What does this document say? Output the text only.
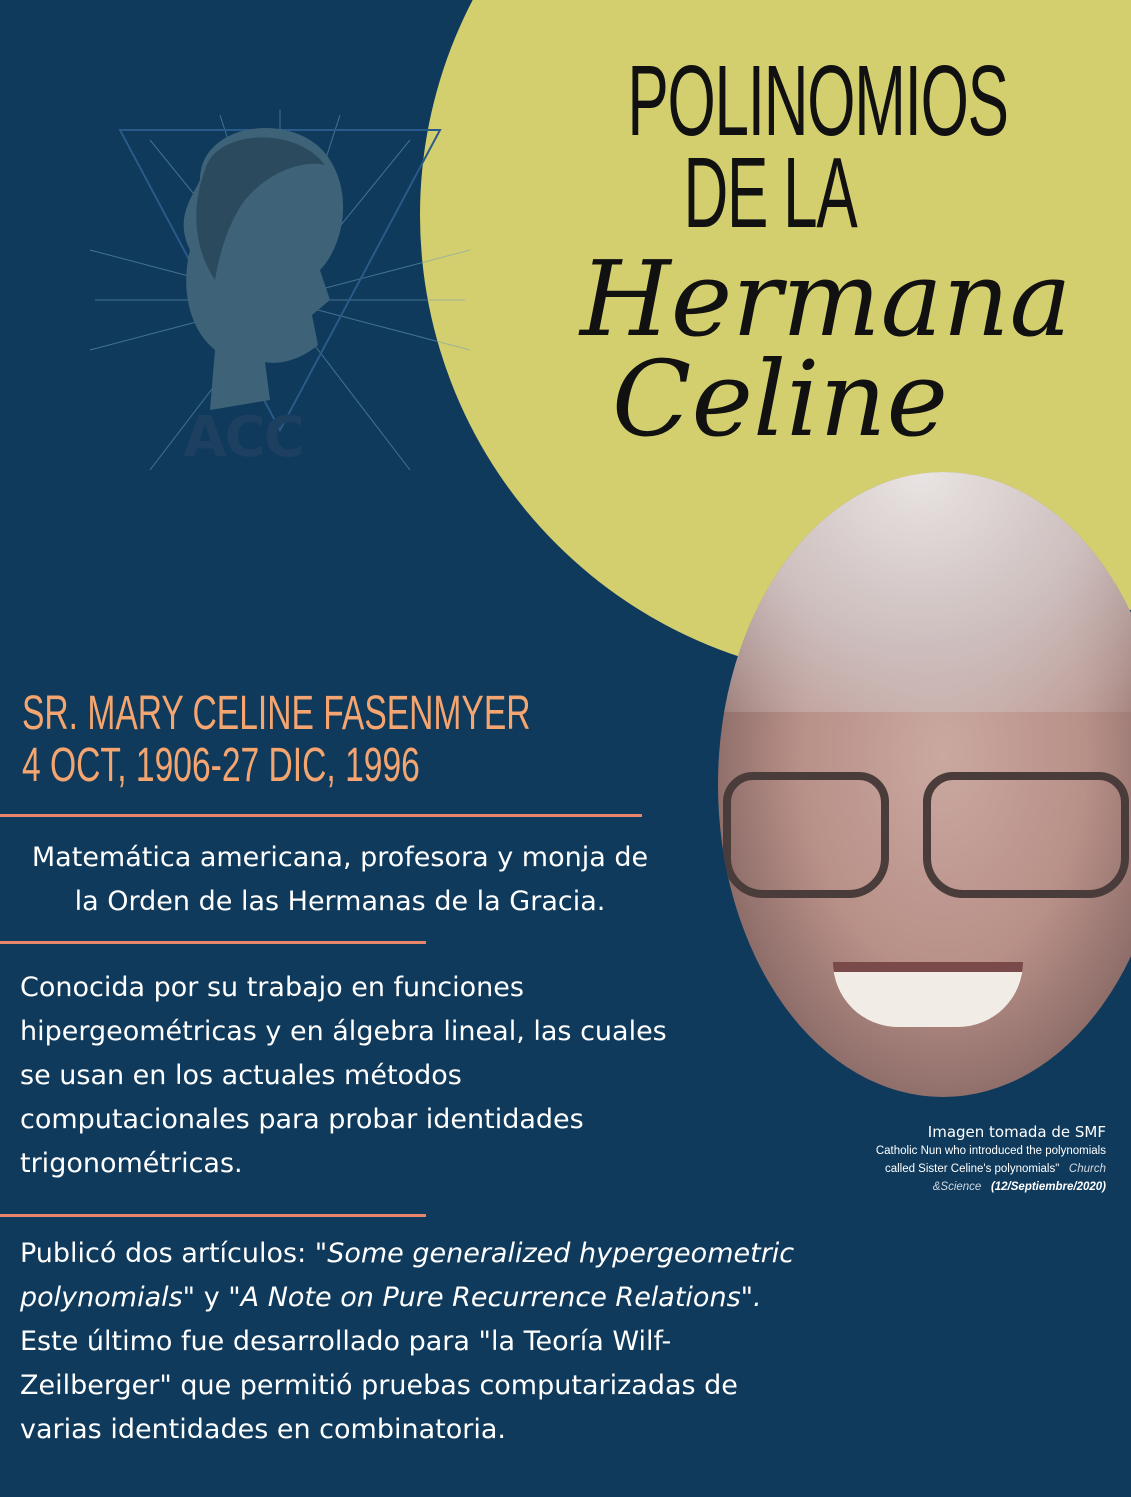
ACC
POLINOMIOS
DE LA
Hermana
Celine
Imagen tomada de SMF
Catholic Nun who introduced the polynomials
called Sister Celine's polynomials" Church
&Science (12/Septiembre/2020)
SR. MARY CELINE FASENMYER
4 OCT, 1906-27 DIC, 1996
Matemática americana, profesora y monja de la Orden de las Hermanas de la Gracia.
Conocida por su trabajo en funciones hipergeométricas y en álgebra lineal, las cuales se usan en los actuales métodos computacionales para probar identidades trigonométricas.
Publicó dos artículos: "Some generalized hypergeometric polynomials" y "A Note on Pure Recurrence Relations". Este último fue desarrollado para "la Teoría Wilf-Zeilberger" que permitió pruebas computarizadas de varias identidades en combinatoria.
